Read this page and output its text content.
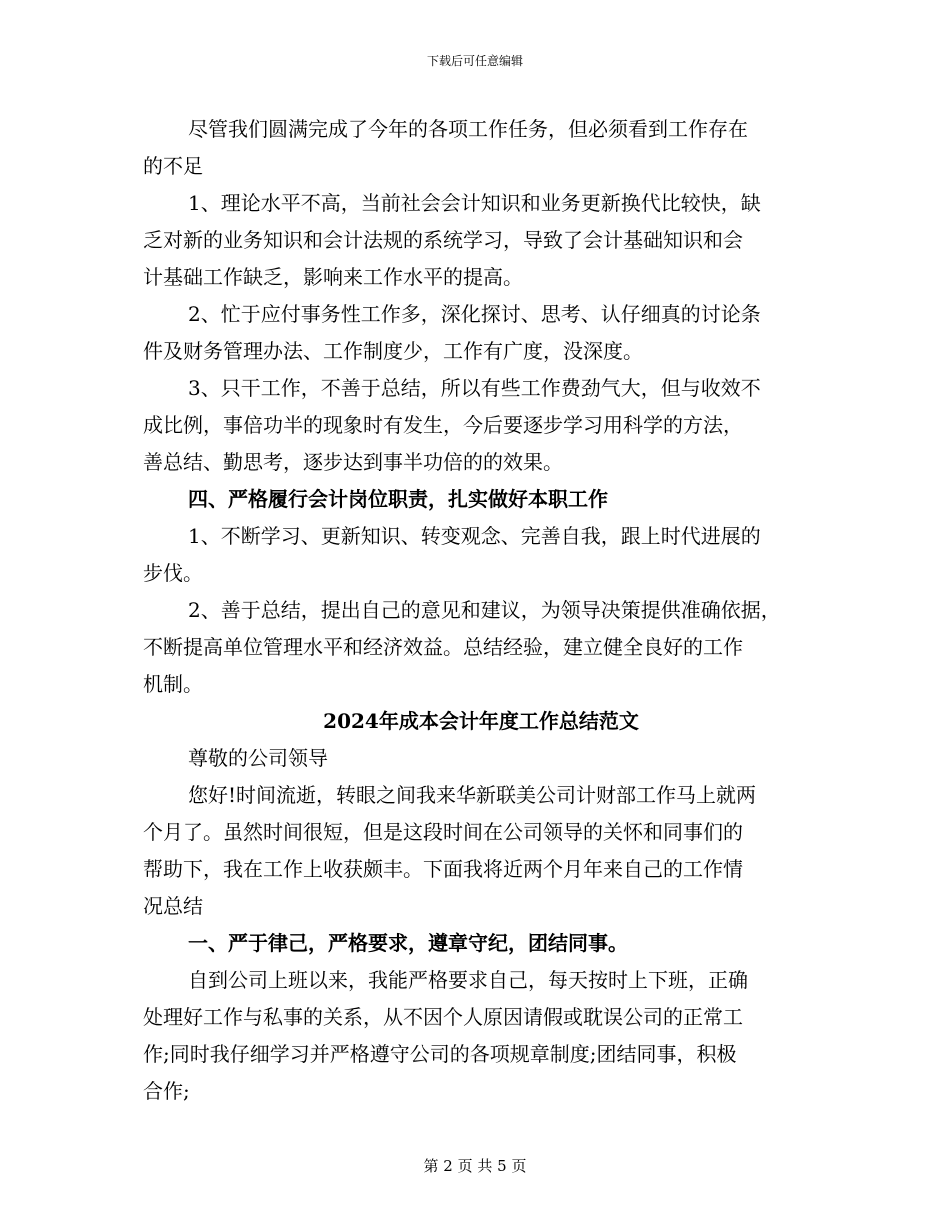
下载后可任意编辑
尽管我们圆满完成了今年的各项工作任务，但必须看到工作存在
的不足
1、理论水平不高，当前社会会计知识和业务更新换代比较快，缺
乏对新的业务知识和会计法规的系统学习，导致了会计基础知识和会
计基础工作缺乏，影响来工作水平的提高。
2、忙于应付事务性工作多，深化探讨、思考、认仔细真的讨论条
件及财务管理办法、工作制度少，工作有广度，没深度。
3、只干工作，不善于总结，所以有些工作费劲气大，但与收效不
成比例，事倍功半的现象时有发生，今后要逐步学习用科学的方法，
善总结、勤思考，逐步达到事半功倍的的效果。
四、严格履行会计岗位职责，扎实做好本职工作
1、不断学习、更新知识、转变观念、完善自我，跟上时代进展的
步伐。
2、善于总结，提出自己的意见和建议，为领导决策提供准确依据，
不断提高单位管理水平和经济效益。总结经验，建立健全良好的工作
机制。
2024年成本会计年度工作总结范文
尊敬的公司领导
您好!时间流逝，转眼之间我来华新联美公司计财部工作马上就两
个月了。虽然时间很短，但是这段时间在公司领导的关怀和同事们的
帮助下，我在工作上收获颇丰。下面我将近两个月年来自己的工作情
况总结
一、严于律己，严格要求，遵章守纪，团结同事。
自到公司上班以来，我能严格要求自己，每天按时上下班，正确
处理好工作与私事的关系，从不因个人原因请假或耽误公司的正常工
作;同时我仔细学习并严格遵守公司的各项规章制度;团结同事，积极
合作;
第 2 页 共 5 页
